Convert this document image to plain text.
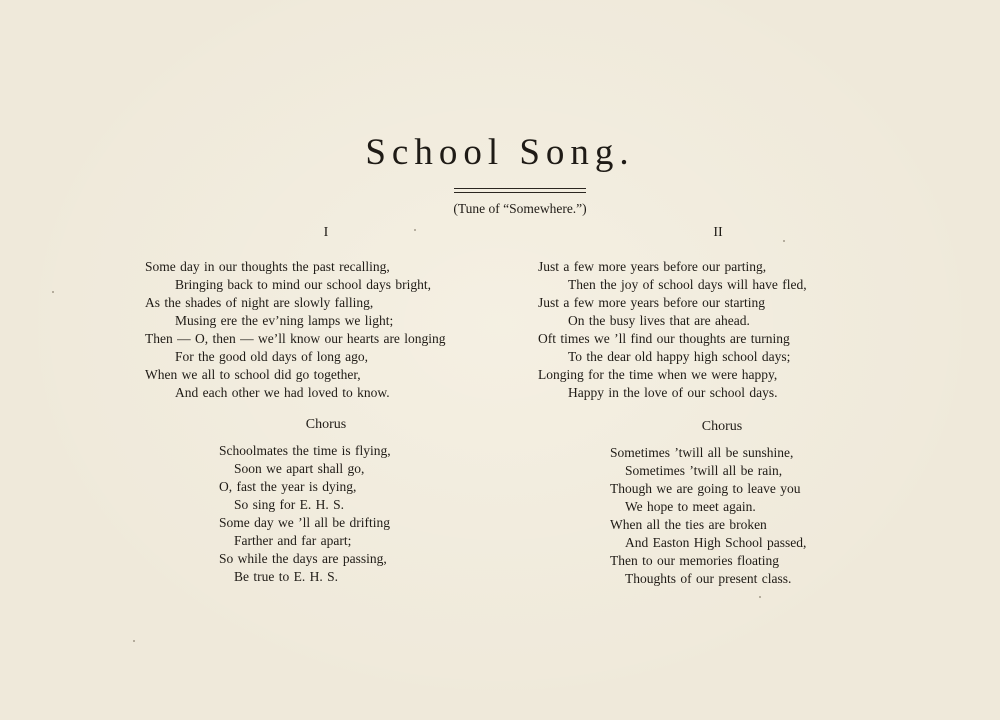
School Song.
(Tune of “Somewhere.”)
I	II
Some day in our thoughts the past recalling,
Bringing back to mind our school days bright,
As the shades of night are slowly falling,
Musing ere the ev’ning lamps we light;
Then — O, then — we’ll know our hearts are longing
For the good old days of long ago,
When we all to school did go together,
And each other we had loved to know.
Just a few more years before our parting,
Then the joy of school days will have fled,
Just a few more years before our starting
On the busy lives that are ahead.
Oft times we ’ll find our thoughts are turning
To the dear old happy high school days;
Longing for the time when we were happy,
Happy in the love of our school days.
Chorus	Chorus
Schoolmates the time is flying,
Soon we apart shall go,
O, fast the year is dying,
So sing for E. H. S.
Some day we ’ll all be drifting
Farther and far apart;
So while the days are passing,
Be true to E. H. S.
Sometimes ’twill all be sunshine,
Sometimes ’twill all be rain,
Though we are going to leave you
We hope to meet again.
When all the ties are broken
And Easton High School passed,
Then to our memories floating
Thoughts of our present class.
